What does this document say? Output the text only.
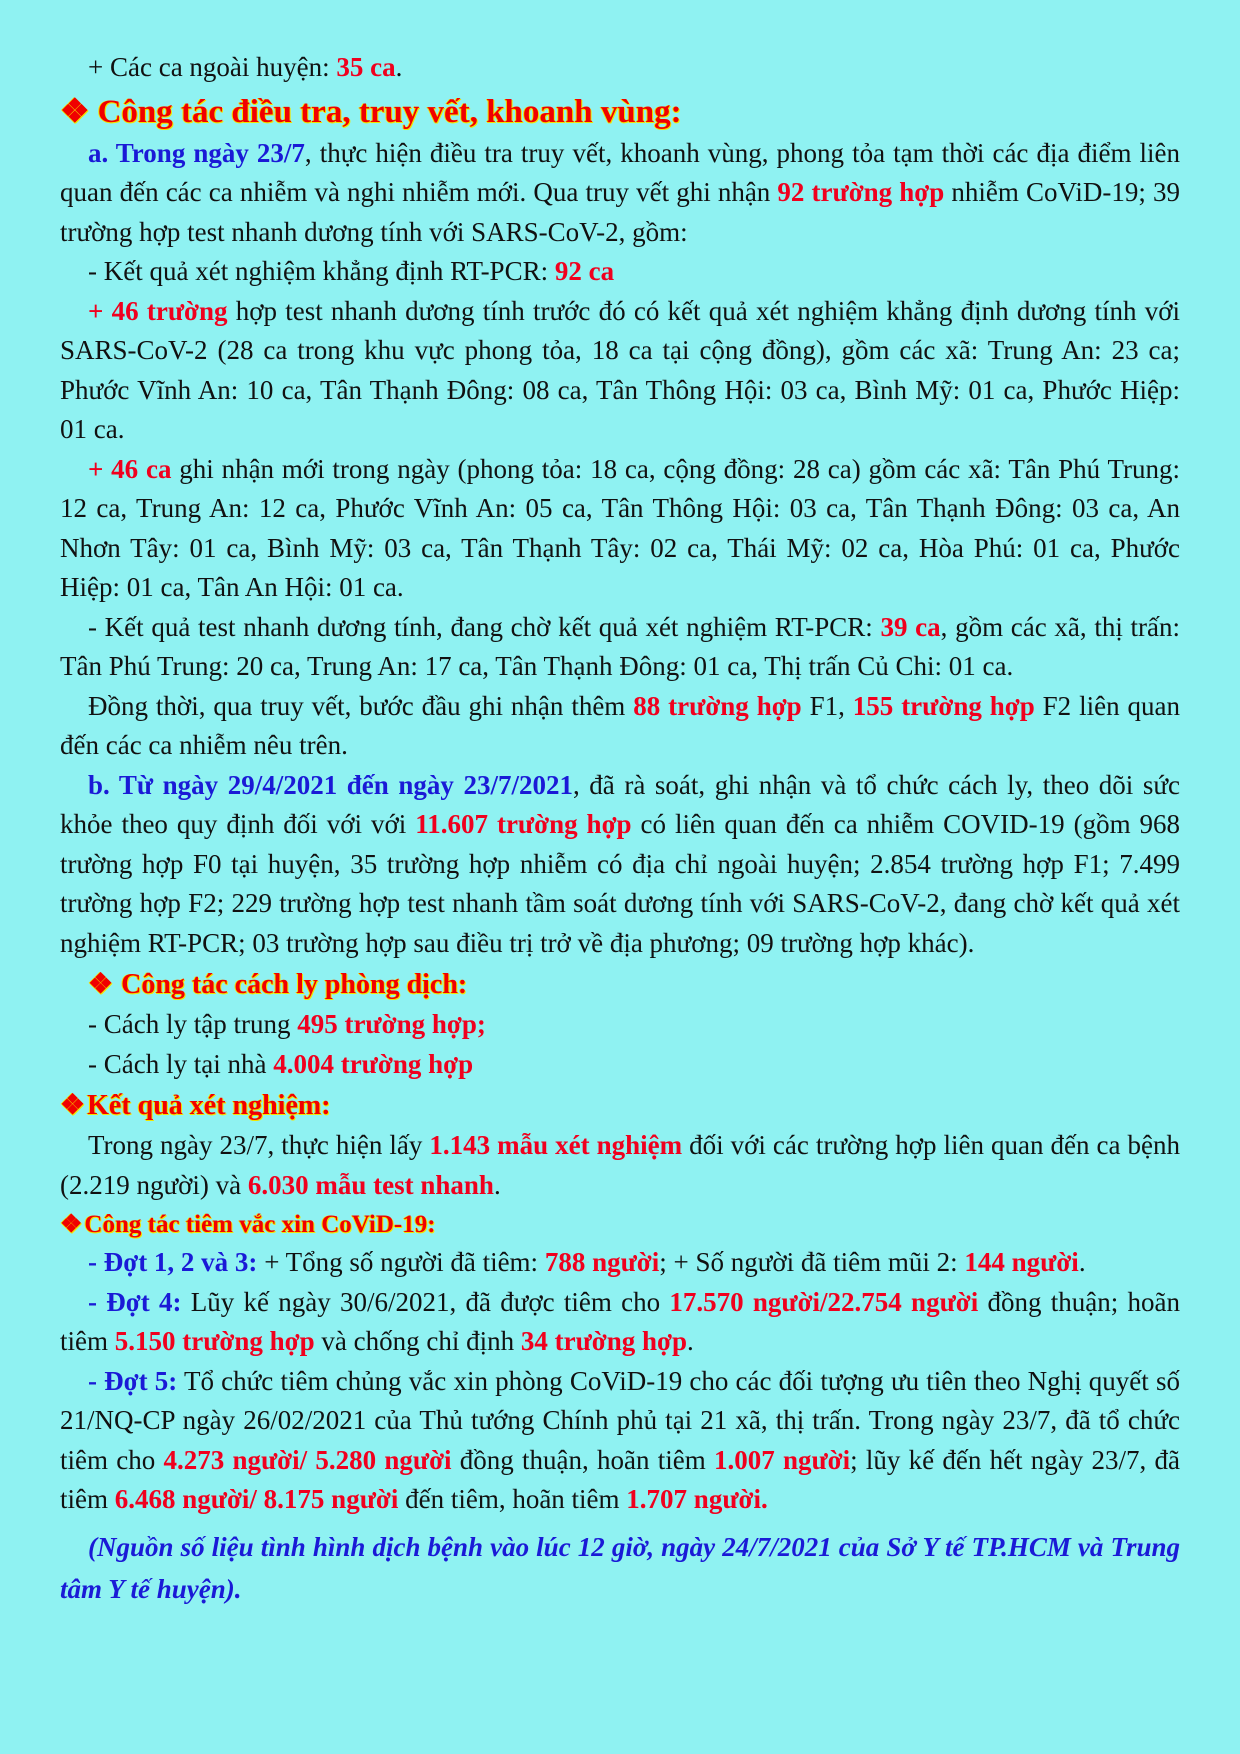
+ Các ca ngoài huyện: 35 ca.

❖ Công tác điều tra, truy vết, khoanh vùng:

a. Trong ngày 23/7, thực hiện điều tra truy vết, khoanh vùng, phong tỏa tạm thời các địa điểm liên quan đến các ca nhiễm và nghi nhiễm mới. Qua truy vết ghi nhận 92 trường hợp nhiễm CoViD-19; 39 trường hợp test nhanh dương tính với SARS-CoV-2, gồm:

- Kết quả xét nghiệm khẳng định RT-PCR: 92 ca

+ 46 trường hợp test nhanh dương tính trước đó có kết quả xét nghiệm khẳng định dương tính với SARS-CoV-2 (28 ca trong khu vực phong tỏa, 18 ca tại cộng đồng), gồm các xã: Trung An: 23 ca; Phước Vĩnh An: 10 ca, Tân Thạnh Đông: 08 ca, Tân Thông Hội: 03 ca, Bình Mỹ: 01 ca, Phước Hiệp: 01 ca.

+ 46 ca ghi nhận mới trong ngày (phong tỏa: 18 ca, cộng đồng: 28 ca) gồm các xã: Tân Phú Trung: 12 ca, Trung An: 12 ca, Phước Vĩnh An: 05 ca, Tân Thông Hội: 03 ca, Tân Thạnh Đông: 03 ca, An Nhơn Tây: 01 ca, Bình Mỹ: 03 ca, Tân Thạnh Tây: 02 ca, Thái Mỹ: 02 ca, Hòa Phú: 01 ca, Phước Hiệp: 01 ca, Tân An Hội: 01 ca.

- Kết quả test nhanh dương tính, đang chờ kết quả xét nghiệm RT-PCR: 39 ca, gồm các xã, thị trấn: Tân Phú Trung: 20 ca, Trung An: 17 ca, Tân Thạnh Đông: 01 ca, Thị trấn Củ Chi: 01 ca.

Đồng thời, qua truy vết, bước đầu ghi nhận thêm 88 trường hợp F1, 155 trường hợp F2 liên quan đến các ca nhiễm nêu trên.

b. Từ ngày 29/4/2021 đến ngày 23/7/2021, đã rà soát, ghi nhận và tổ chức cách ly, theo dõi sức khỏe theo quy định đối với với 11.607 trường hợp có liên quan đến ca nhiễm COVID-19 (gồm 968 trường hợp F0 tại huyện, 35 trường hợp nhiễm có địa chỉ ngoài huyện; 2.854 trường hợp F1; 7.499 trường hợp F2; 229 trường hợp test nhanh tầm soát dương tính với SARS-CoV-2, đang chờ kết quả xét nghiệm RT-PCR; 03 trường hợp sau điều trị trở về địa phương; 09 trường hợp khác).

❖ Công tác cách ly phòng dịch:

- Cách ly tập trung 495 trường hợp;

- Cách ly tại nhà 4.004 trường hợp

❖Kết quả xét nghiệm:

Trong ngày 23/7, thực hiện lấy 1.143 mẫu xét nghiệm đối với các trường hợp liên quan đến ca bệnh (2.219 người) và 6.030 mẫu test nhanh.

❖Công tác tiêm vắc xin CoViD-19:

- Đợt 1, 2 và 3: + Tổng số người đã tiêm: 788 người; + Số người đã tiêm mũi 2: 144 người.

- Đợt 4: Lũy kế ngày 30/6/2021, đã được tiêm cho 17.570 người/22.754 người đồng thuận; hoãn tiêm 5.150 trường hợp và chống chỉ định 34 trường hợp.

- Đợt 5: Tổ chức tiêm chủng vắc xin phòng CoViD-19 cho các đối tượng ưu tiên theo Nghị quyết số 21/NQ-CP ngày 26/02/2021 của Thủ tướng Chính phủ tại 21 xã, thị trấn. Trong ngày 23/7, đã tổ chức tiêm cho 4.273 người/ 5.280 người đồng thuận, hoãn tiêm 1.007 người; lũy kế đến hết ngày 23/7, đã tiêm 6.468 người/ 8.175 người đến tiêm, hoãn tiêm 1.707 người.

(Nguồn số liệu tình hình dịch bệnh vào lúc 12 giờ, ngày 24/7/2021 của Sở Y tế TP.HCM và Trung tâm Y tế huyện).
